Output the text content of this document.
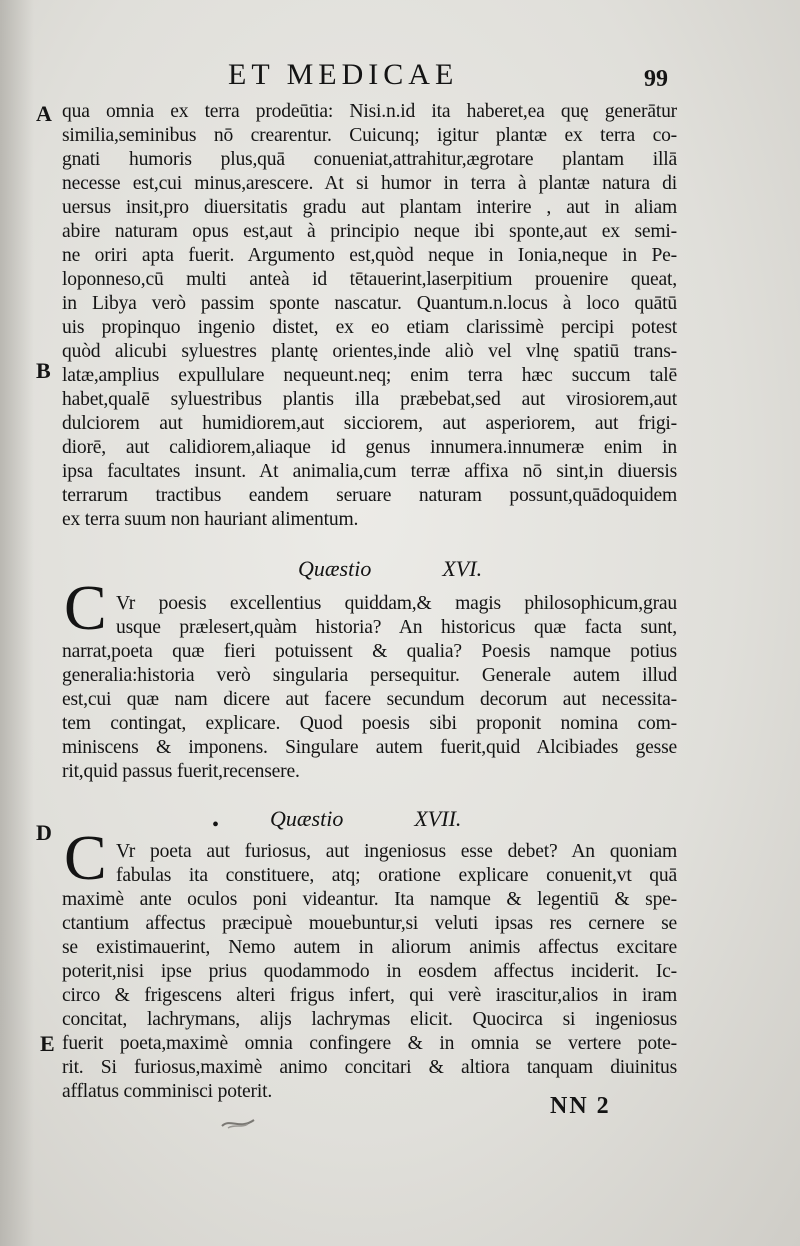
ET MEDICAE	99
A
B
D
E
qua omnia ex terra prodeūtia: Nisi.n.id ita haberet,ea quę generātur
similia,seminibus nō crearentur. Cuicunq; igitur plantæ ex terra co-
gnati humoris plus,quā conueniat,attrahitur,ægrotare plantam illā
necesse est,cui minus,arescere. At si humor in terra à plantæ natura di
uersus insit,pro diuersitatis gradu aut plantam interire , aut in aliam
abire naturam opus est,aut à principio neque ibi sponte,aut ex semi-
ne oriri apta fuerit. Argumento est,quòd neque in Ionia,neque in Pe-
loponneso,cū multi anteà id tētauerint,laserpitium prouenire queat,
in Libya verò passim sponte nascatur. Quantum.n.locus à loco quātū
uis propinquo ingenio distet, ex eo etiam clarissimè percipi potest
quòd alicubi syluestres plantę orientes,inde aliò vel vlnę spatiū trans-
latæ,amplius expullulare nequeunt.neq; enim terra hæc succum talē
habet,qualē syluestribus plantis illa præbebat,sed aut virosiorem,aut
dulciorem aut humidiorem,aut sicciorem, aut asperiorem, aut frigi-
diorē, aut calidiorem,aliaque id genus innumera.innumeræ enim in
ipsa facultates insunt. At animalia,cum terræ affixa nō sint,in diuersis
terrarum tractibus eandem seruare naturam possunt,quādoquidem
ex terra suum non hauriant alimentum.
Quæstio	XVI.
C Vr poesis excellentius quiddam,& magis philosophicum,grau
usque prælesert,quàm historia? An historicus quæ facta sunt,
narrat,poeta quæ fieri potuissent & qualia? Poesis namque potius
generalia:historia verò singularia persequitur. Generale autem illud
est,cui quæ nam dicere aut facere secundum decorum aut necessita-
tem contingat, explicare. Quod poesis sibi proponit nomina com-
miniscens & imponens. Singulare autem fuerit,quid Alcibiades gesse
rit,quid passus fuerit,recensere.
• Quæstio	XVII.
C Vr poeta aut furiosus, aut ingeniosus esse debet? An quoniam
fabulas ita constituere, atq; oratione explicare conuenit,vt quā
maximè ante oculos poni videantur. Ita namque & legentiū & spe-
ctantium affectus præcipuè mouebuntur,si veluti ipsas res cernere se
se existimauerint, Nemo autem in aliorum animis affectus excitare
poterit,nisi ipse prius quodammodo in eosdem affectus inciderit. Ic-
circo & frigescens alteri frigus infert, qui verè irascitur,alios in iram
concitat, lachrymans, alijs lachrymas elicit. Quocirca si ingeniosus
fuerit poeta,maximè omnia confingere & in omnia se vertere pote-
rit. Si furiosus,maximè animo concitari & altiora tanquam diuinitus
afflatus comminisci poterit.
NN 2
